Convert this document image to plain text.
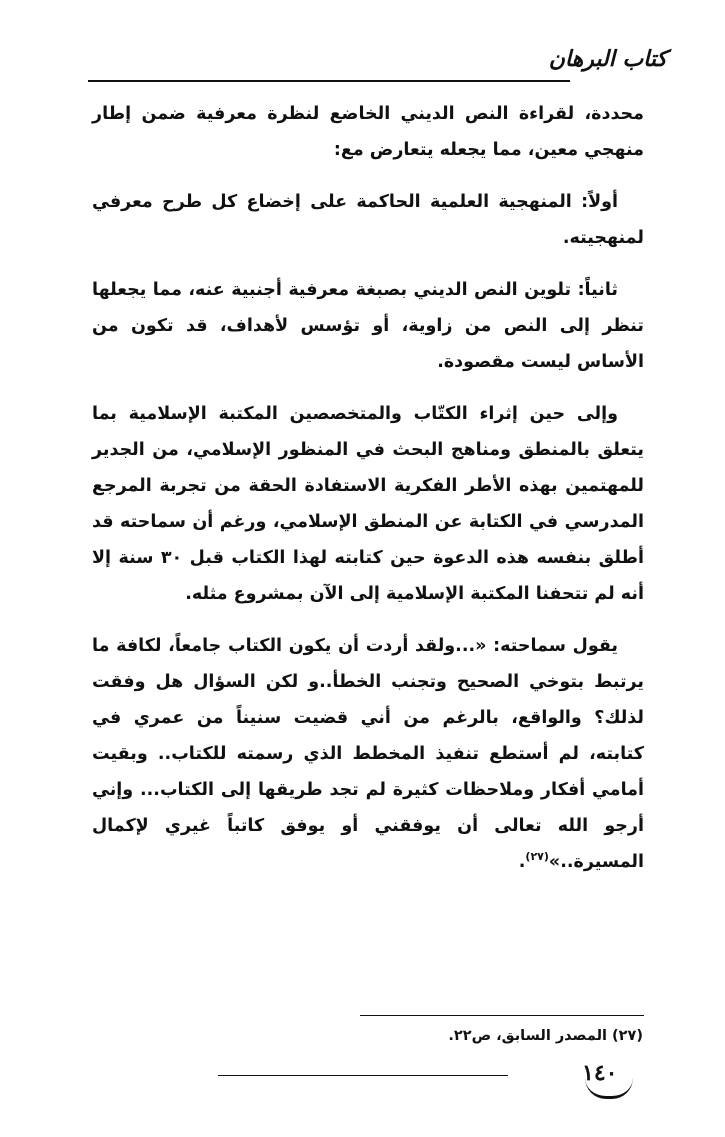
كتاب البرهان

محددة، لقراءة النص الديني الخاضع لنظرة معرفية ضمن إطار منهجي معين، مما يجعله يتعارض مع:

أولاً: المنهجية العلمية الحاكمة على إخضاع كل طرح معرفي لمنهجيته.

ثانياً: تلوين النص الديني بصبغة معرفية أجنبية عنه، مما يجعلها تنظر إلى النص من زاوية، أو تؤسس لأهداف، قد تكون من الأساس ليست مقصودة.

وإلى حين إثراء الكتّاب والمتخصصين المكتبة الإسلامية بما يتعلق بالمنطق ومناهج البحث في المنظور الإسلامي، من الجدير للمهتمين بهذه الأطر الفكرية الاستفادة الحقة من تجربة المرجع المدرسي في الكتابة عن المنطق الإسلامي، ورغم أن سماحته قد أطلق بنفسه هذه الدعوة حين كتابته لهذا الكتاب قبل ٣٠ سنة إلا أنه لم تتحفنا المكتبة الإسلامية إلى الآن بمشروع مثله.

يقول سماحته: «...ولقد أردت أن يكون الكتاب جامعاً، لكافة ما يرتبط بتوخي الصحيح وتجنب الخطأ..و لكن السؤال هل وفقت لذلك؟ والواقع، بالرغم من أني قضيت سنيناً من عمري في كتابته، لم أستطع تنفيذ المخطط الذي رسمته للكتاب.. وبقيت أمامي أفكار وملاحظات كثيرة لم تجد طريقها إلى الكتاب... وإني أرجو الله تعالى أن يوفقني أو يوفق كاتباً غيري لإكمال المسيرة..»$^{(٢٧)}$.

(٢٧) المصدر السابق، ص٢٢.
١٤٠
